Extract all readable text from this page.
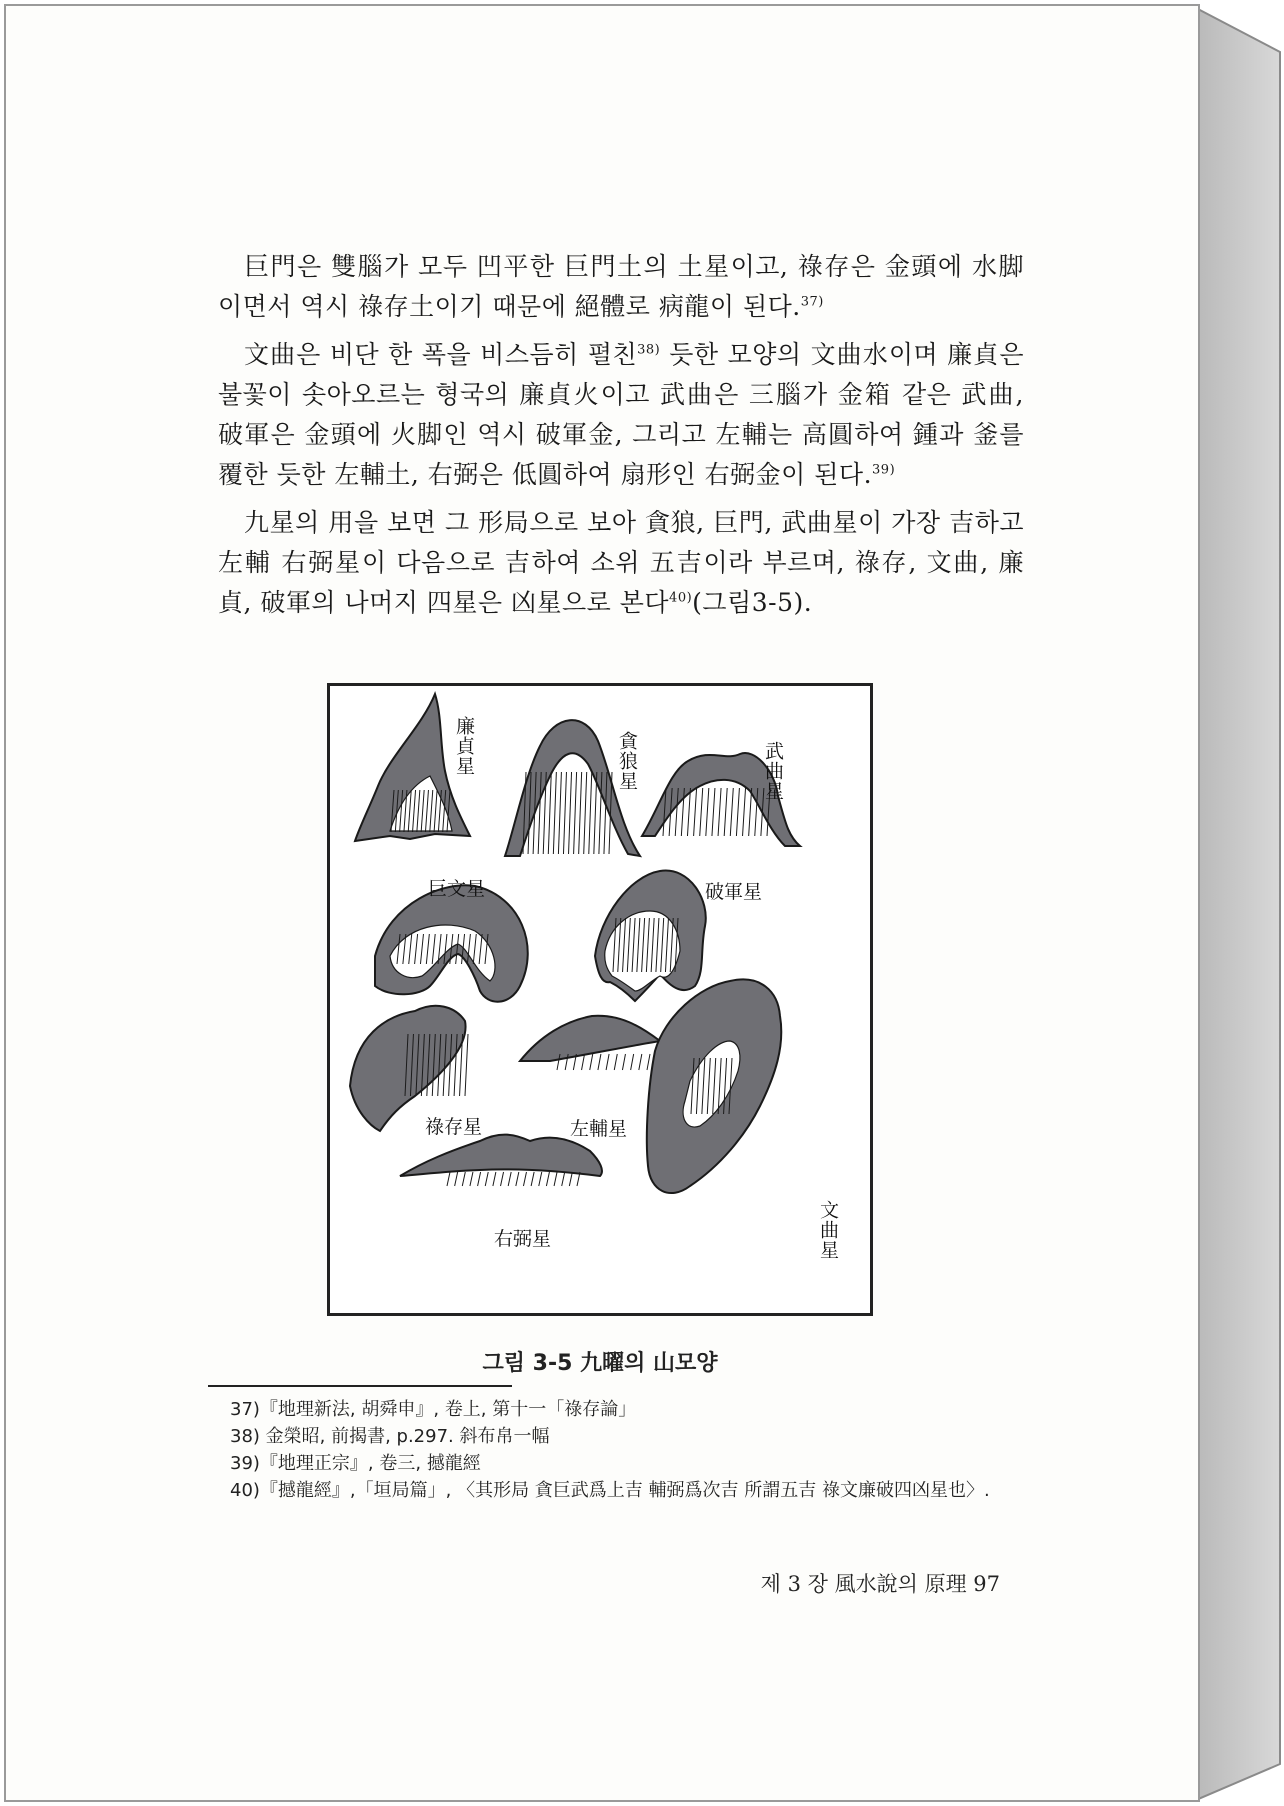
巨門은 雙腦가 모두 凹平한 巨門土의 土星이고, 祿存은 金頭에 水脚이면서 역시 祿存土이기 때문에 絕體로 病龍이 된다.$^{37)}$

文曲은 비단 한 폭을 비스듬히 펼친$^{38)}$ 듯한 모양의 文曲水이며 廉貞은 불꽃이 솟아오르는 형국의 廉貞火이고 武曲은 三腦가 金箱 같은 武曲, 破軍은 金頭에 火脚인 역시 破軍金, 그리고 左輔는 高圓하여 鍾과 釜를 覆한 듯한 左輔土, 右弼은 低圓하여 扇形인 右弼金이 된다.$^{39)}$

九星의 用을 보면 그 形局으로 보아 貪狼, 巨門, 武曲星이 가장 吉하고 左輔 右弼星이 다음으로 吉하여 소위 五吉이라 부르며, 祿存, 文曲, 廉貞, 破軍의 나머지 四星은 凶星으로 본다$^{40)}$(그림3-5).

廉貞星	貪狼星	武曲星
巨文星	破軍星
祿存星	左輔星
右弼星	文曲星
그림 3-5 九曜의 山모양

37)『地理新法, 胡舜申』, 卷上, 第十一「祿存論」

38) 金榮昭, 前揭書, p.297. 斜布帛一幅

39)『地理正宗』, 卷三, 撼龍經

40)『撼龍經』,「垣局篇」, 〈其形局 貪巨武爲上吉 輔弼爲次吉 所謂五吉 祿文廉破四凶星也〉.

제 3 장 風水說의 原理 97
